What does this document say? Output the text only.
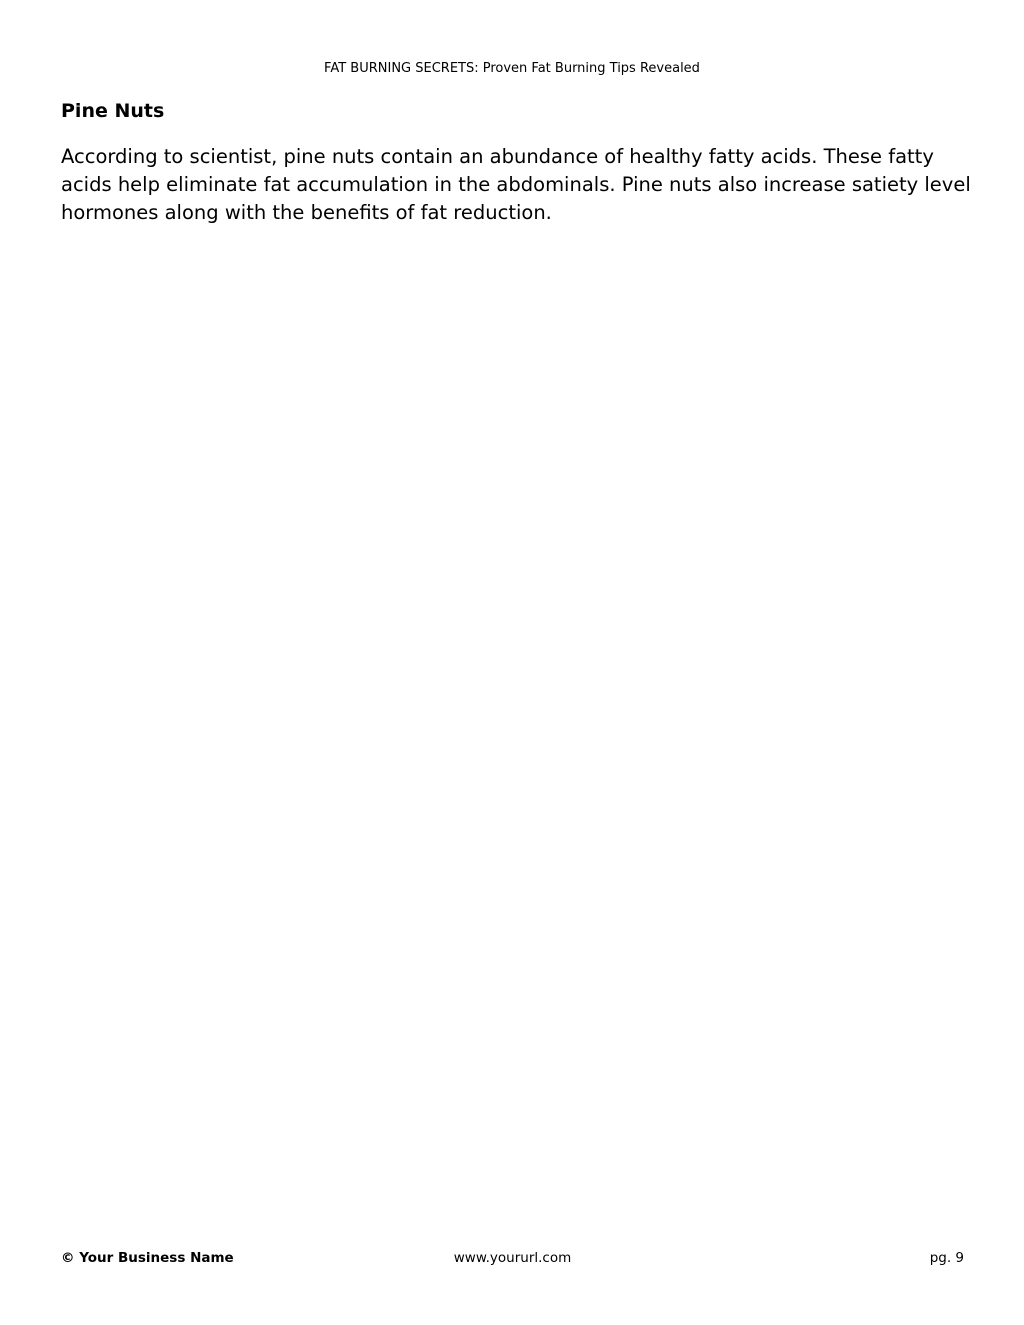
FAT BURNING SECRETS: Proven Fat Burning Tips Revealed
Pine Nuts

According to scientist, pine nuts contain an abundance of healthy fatty acids. These fatty acids help eliminate fat accumulation in the abdominals. Pine nuts also increase satiety level hormones along with the benefits of fat reduction.

www.yoururl.com
© Your Business Name	pg. 9
